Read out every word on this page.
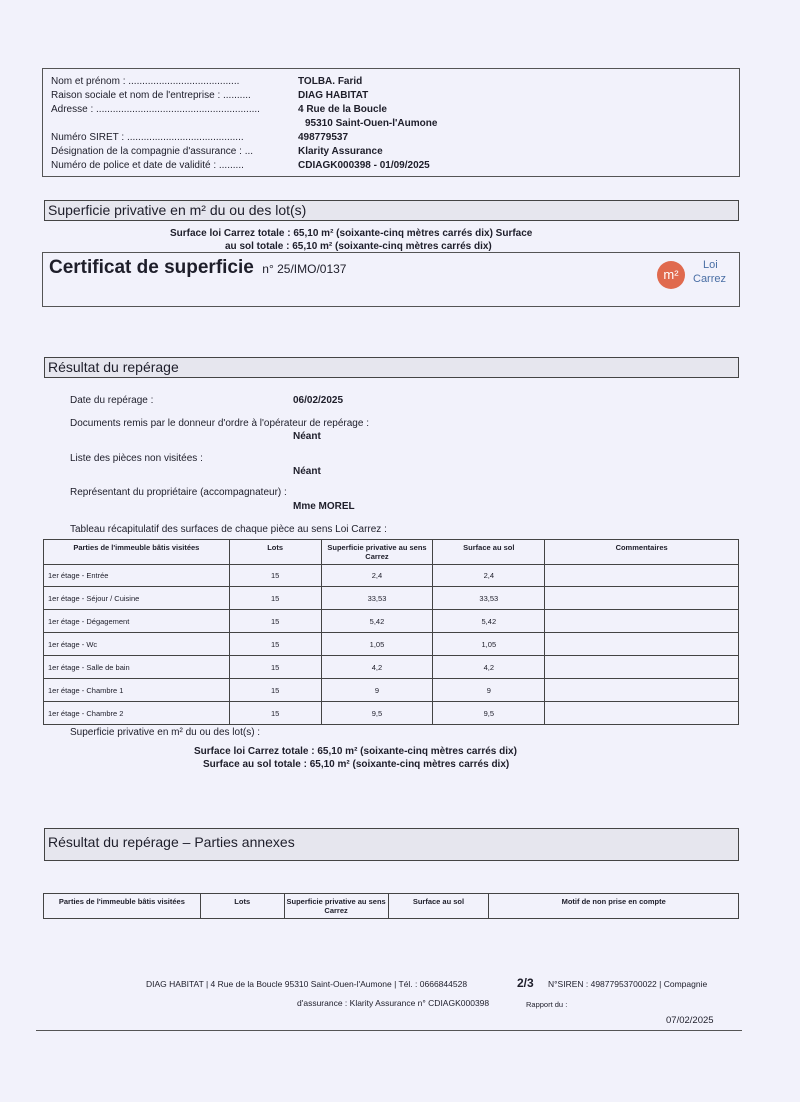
Nom et prénom : ........................................	TOLBA. Farid
Raison sociale et nom de l'entreprise : ..........	DIAG HABITAT
Adresse : ...........................................................	4 Rue de la Boucle
95310 Saint-Ouen-l'Aumone
Numéro SIRET : ..........................................	498779537
Désignation de la compagnie d'assurance : ...	Klarity Assurance
Numéro de police et date de validité : .........	CDIAGK000398 - 01/09/2025
Superficie privative en m² du ou des lot(s)
Surface loi Carrez totale : 65,10 m² (soixante-cinq mètres carrés dix) Surface
au sol totale : 65,10 m² (soixante-cinq mètres carrés dix)
Certificat de superficie n° 25/IMO/0137	m²
Loi
Carrez
Résultat du repérage
Date du repérage :	06/02/2025
Documents remis par le donneur d'ordre à l'opérateur de repérage :
Néant
Liste des pièces non visitées :
Néant
Représentant du propriétaire (accompagnateur) :
Mme MOREL
Tableau récapitulatif des surfaces de chaque pièce au sens Loi Carrez :
Parties de l'immeuble bâtis visitées	Lots	Superficie privative au sens Carrez	Surface au sol	Commentaires
1er étage - Entrée	15	2,4	2,4	
1er étage - Séjour / Cuisine	15	33,53	33,53	
1er étage - Dégagement	15	5,42	5,42	
1er étage - Wc	15	1,05	1,05	
1er étage - Salle de bain	15	4,2	4,2	
1er étage - Chambre 1	15	9	9	
1er étage - Chambre 2	15	9,5	9,5	
Superficie privative en m² du ou des lot(s) :
Surface loi Carrez totale : 65,10 m² (soixante-cinq mètres carrés dix)
Surface au sol totale : 65,10 m² (soixante-cinq mètres carrés dix)
Résultat du repérage – Parties annexes
Parties de l'immeuble bâtis visitées	Lots	Superficie privative au sens Carrez	Surface au sol	Motif de non prise en compte
DIAG HABITAT | 4 Rue de la Boucle 95310 Saint-Ouen-l'Aumone | Tél. : 0666844528	2/3 N°SIREN : 49877953700022 | Compagnie
d'assurance : Klarity Assurance n° CDIAGK000398	Rapport du :
07/02/2025
